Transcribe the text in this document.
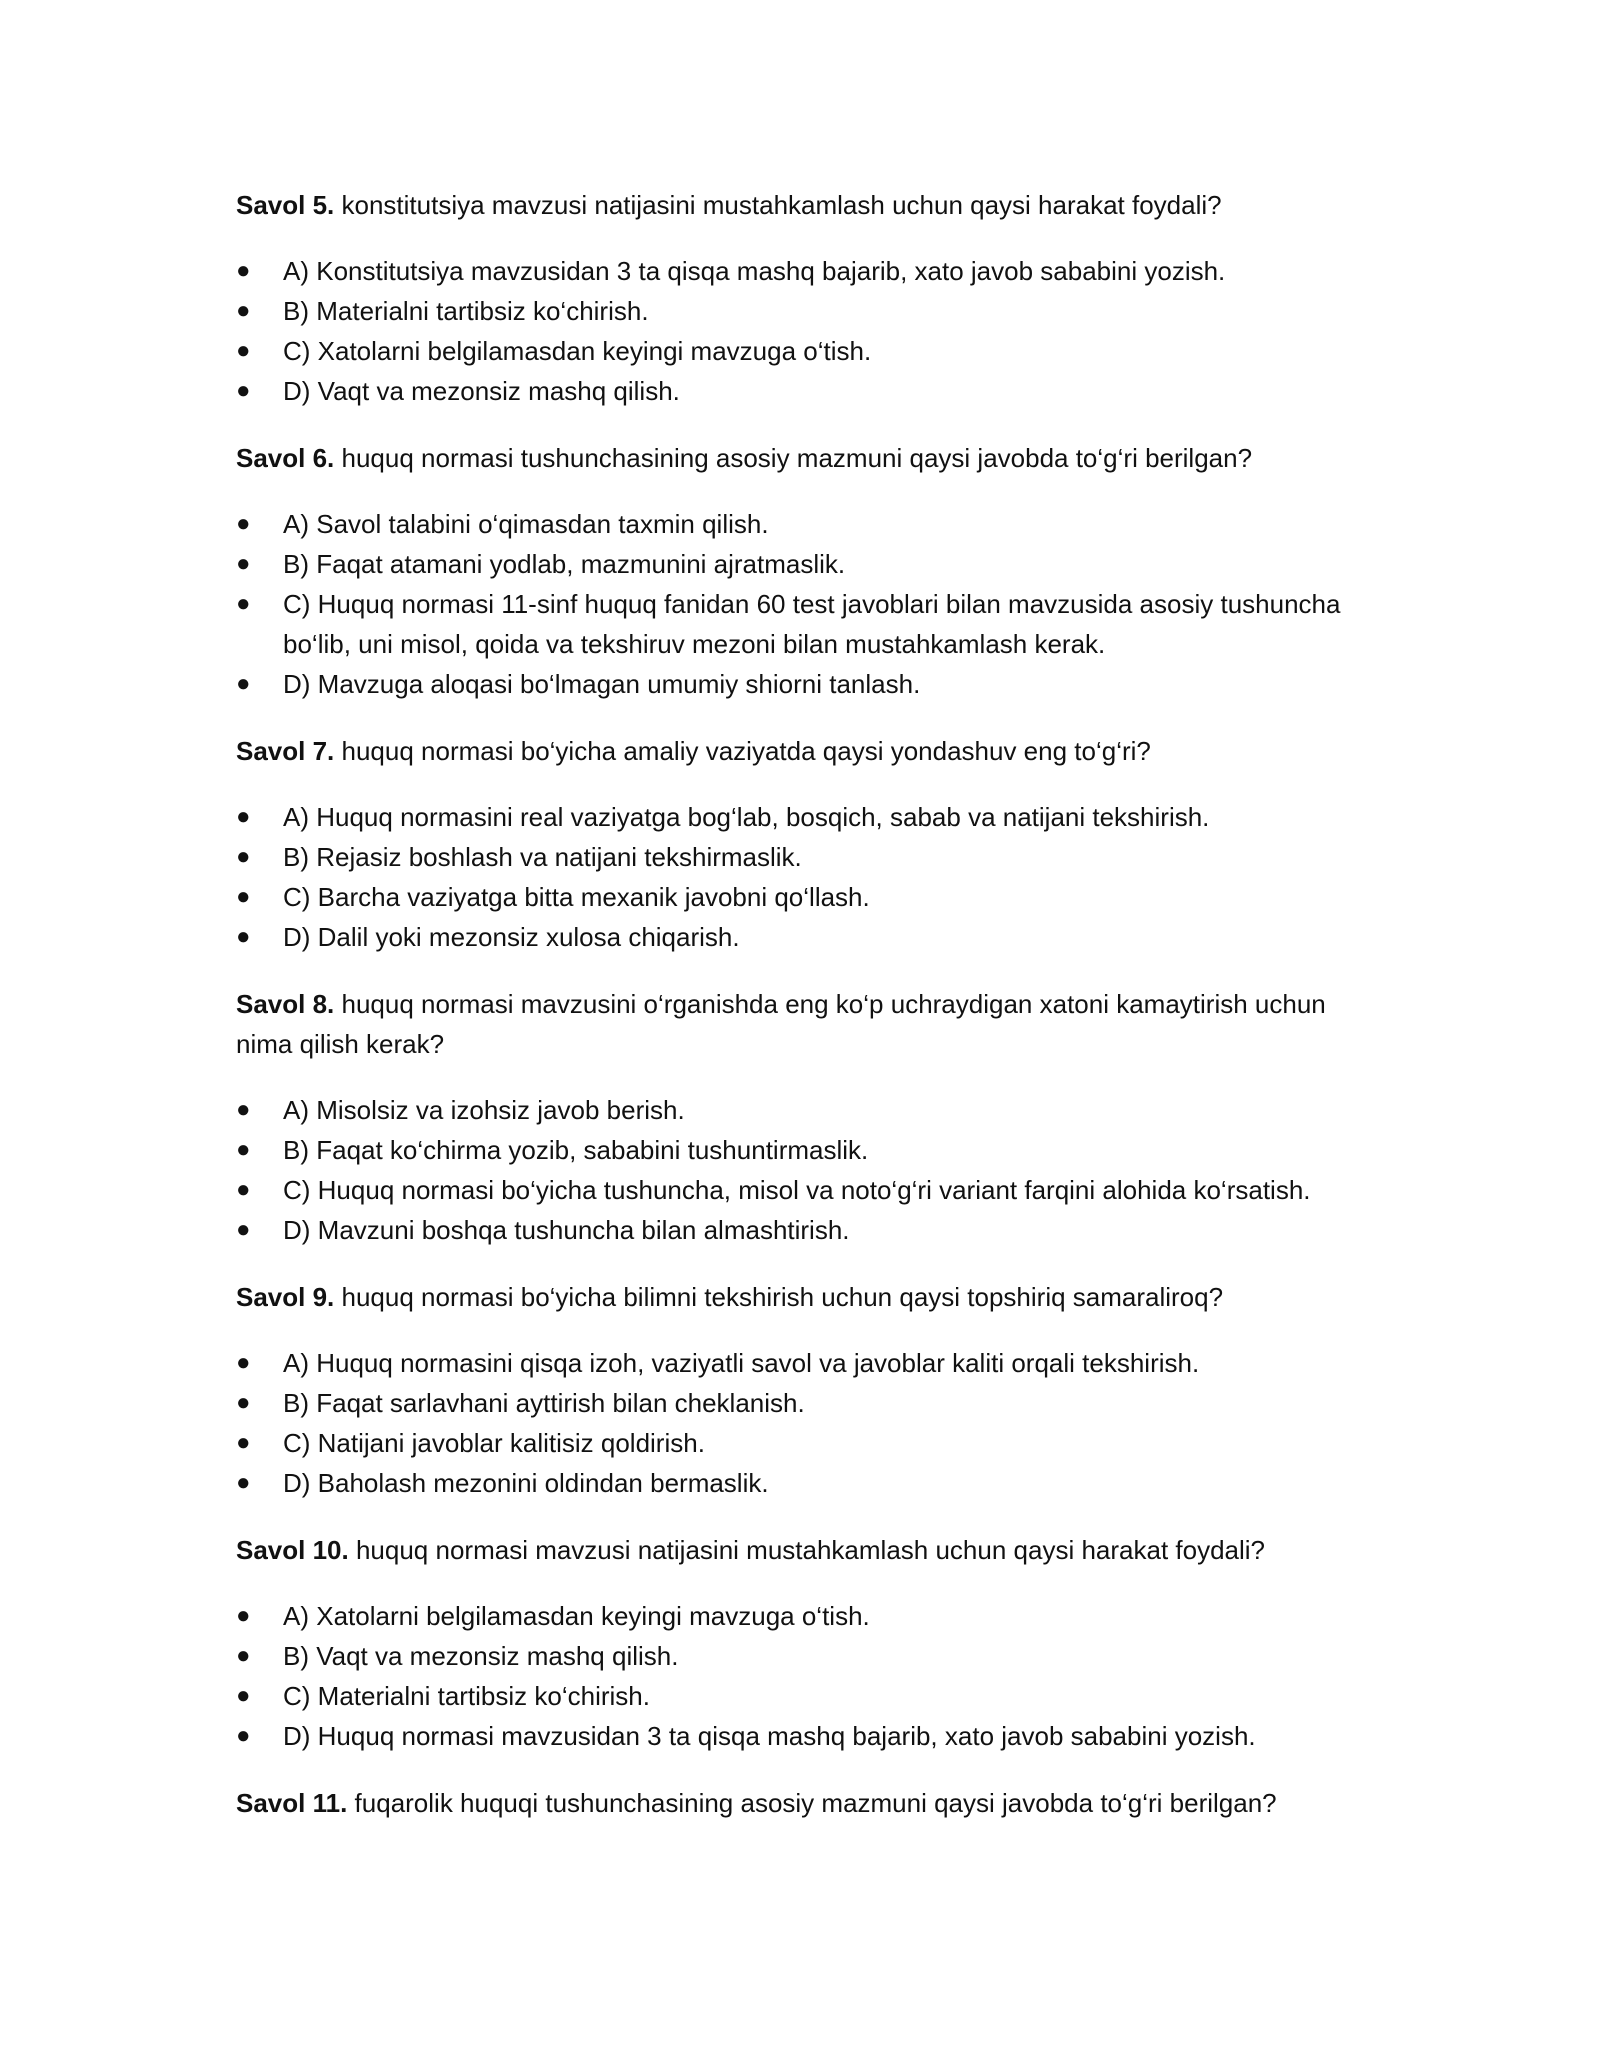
Savol 5. konstitutsiya mavzusi natijasini mustahkamlash uchun qaysi harakat foydali?

●	A) Konstitutsiya mavzusidan 3 ta qisqa mashq bajarib, xato javob sababini yozish.
●	B) Materialni tartibsiz ko‘chirish.
●	C) Xatolarni belgilamasdan keyingi mavzuga o‘tish.
●	D) Vaqt va mezonsiz mashq qilish.

Savol 6. huquq normasi tushunchasining asosiy mazmuni qaysi javobda to‘g‘ri berilgan?

●	A) Savol talabini o‘qimasdan taxmin qilish.
●	B) Faqat atamani yodlab, mazmunini ajratmaslik.
●	C) Huquq normasi 11-sinf huquq fanidan 60 test javoblari bilan mavzusida asosiy tushuncha bo‘lib, uni misol, qoida va tekshiruv mezoni bilan mustahkamlash kerak.
●	D) Mavzuga aloqasi bo‘lmagan umumiy shiorni tanlash.

Savol 7. huquq normasi bo‘yicha amaliy vaziyatda qaysi yondashuv eng to‘g‘ri?

●	A) Huquq normasini real vaziyatga bog‘lab, bosqich, sabab va natijani tekshirish.
●	B) Rejasiz boshlash va natijani tekshirmaslik.
●	C) Barcha vaziyatga bitta mexanik javobni qo‘llash.
●	D) Dalil yoki mezonsiz xulosa chiqarish.

Savol 8. huquq normasi mavzusini o‘rganishda eng ko‘p uchraydigan xatoni kamaytirish uchun nima qilish kerak?

●	A) Misolsiz va izohsiz javob berish.
●	B) Faqat ko‘chirma yozib, sababini tushuntirmaslik.
●	C) Huquq normasi bo‘yicha tushuncha, misol va noto‘g‘ri variant farqini alohida ko‘rsatish.
●	D) Mavzuni boshqa tushuncha bilan almashtirish.

Savol 9. huquq normasi bo‘yicha bilimni tekshirish uchun qaysi topshiriq samaraliroq?

●	A) Huquq normasini qisqa izoh, vaziyatli savol va javoblar kaliti orqali tekshirish.
●	B) Faqat sarlavhani ayttirish bilan cheklanish.
●	C) Natijani javoblar kalitisiz qoldirish.
●	D) Baholash mezonini oldindan bermaslik.

Savol 10. huquq normasi mavzusi natijasini mustahkamlash uchun qaysi harakat foydali?

●	A) Xatolarni belgilamasdan keyingi mavzuga o‘tish.
●	B) Vaqt va mezonsiz mashq qilish.
●	C) Materialni tartibsiz ko‘chirish.
●	D) Huquq normasi mavzusidan 3 ta qisqa mashq bajarib, xato javob sababini yozish.

Savol 11. fuqarolik huquqi tushunchasining asosiy mazmuni qaysi javobda to‘g‘ri berilgan?
